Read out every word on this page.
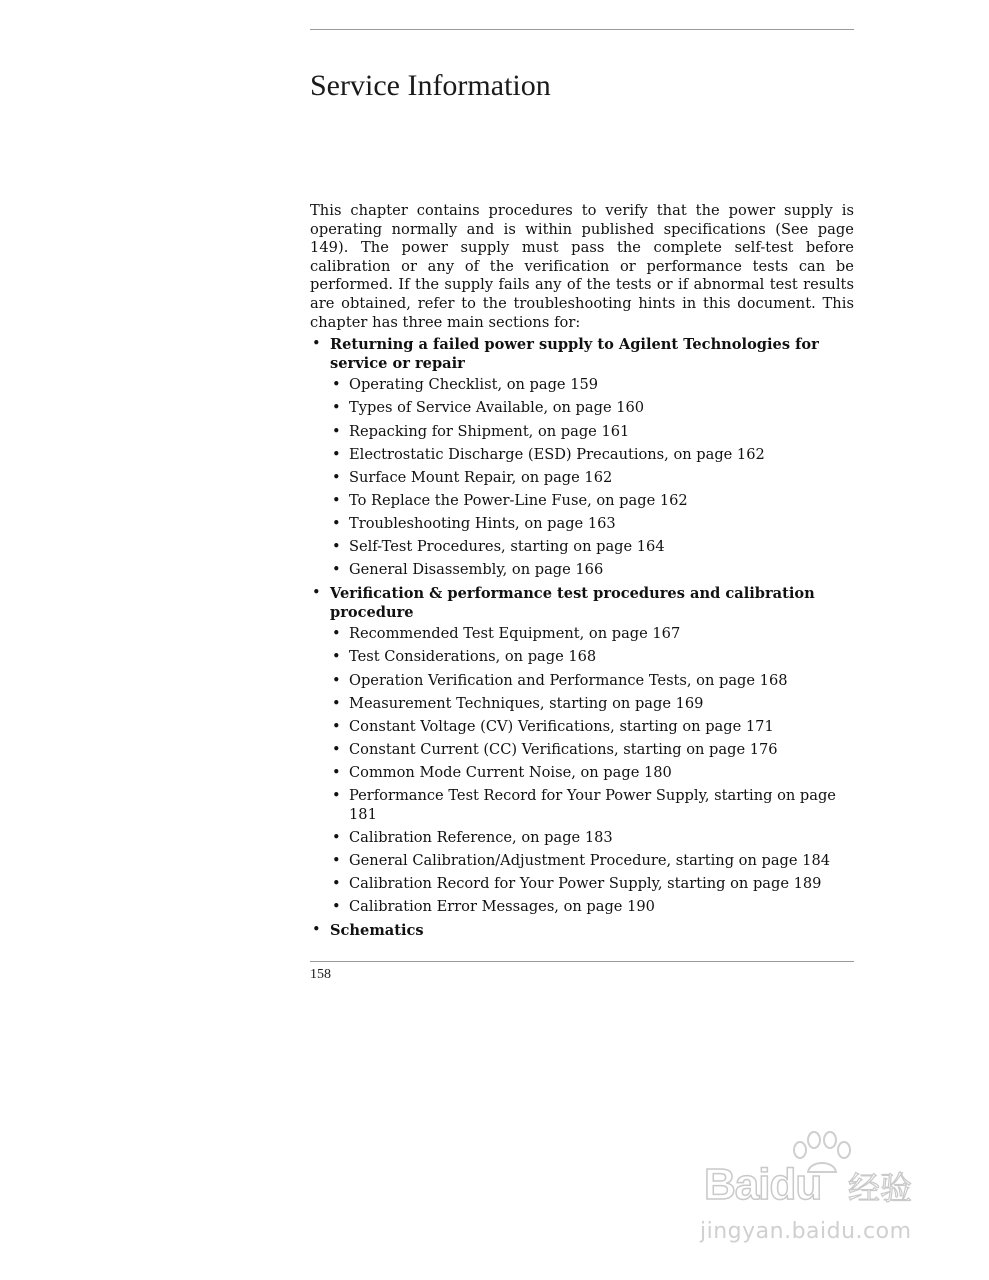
Service Information

This chapter contains procedures to verify that the power supply is operating normally and is within published specifications (See page 149). The power supply must pass the complete self-test before calibration or any of the verification or performance tests can be performed. If the supply fails any of the tests or if abnormal test results are obtained, refer to the troubleshooting hints in this document. This chapter has three main sections for:

• Returning a failed power supply to Agilent Technologies for service or repair
• Operating Checklist, on page 159
• Types of Service Available, on page 160
• Repacking for Shipment, on page 161
• Electrostatic Discharge (ESD) Precautions, on page 162
• Surface Mount Repair, on page 162
• To Replace the Power-Line Fuse, on page 162
• Troubleshooting Hints, on page 163
• Self-Test Procedures, starting on page 164
• General Disassembly, on page 166
• Verification & performance test procedures and calibration procedure
• Recommended Test Equipment, on page 167
• Test Considerations, on page 168
• Operation Verification and Performance Tests, on page 168
• Measurement Techniques, starting on page 169
• Constant Voltage (CV) Verifications, starting on page 171
• Constant Current (CC) Verifications, starting on page 176
• Common Mode Current Noise, on page 180
• Performance Test Record for Your Power Supply, starting on page 181
• Calibration Reference, on page 183
• General Calibration/Adjustment Procedure, starting on page 184
• Calibration Record for Your Power Supply, starting on page 189
• Calibration Error Messages, on page 190
• Schematics
158
Baidu 经验
jingyan.baidu.com
